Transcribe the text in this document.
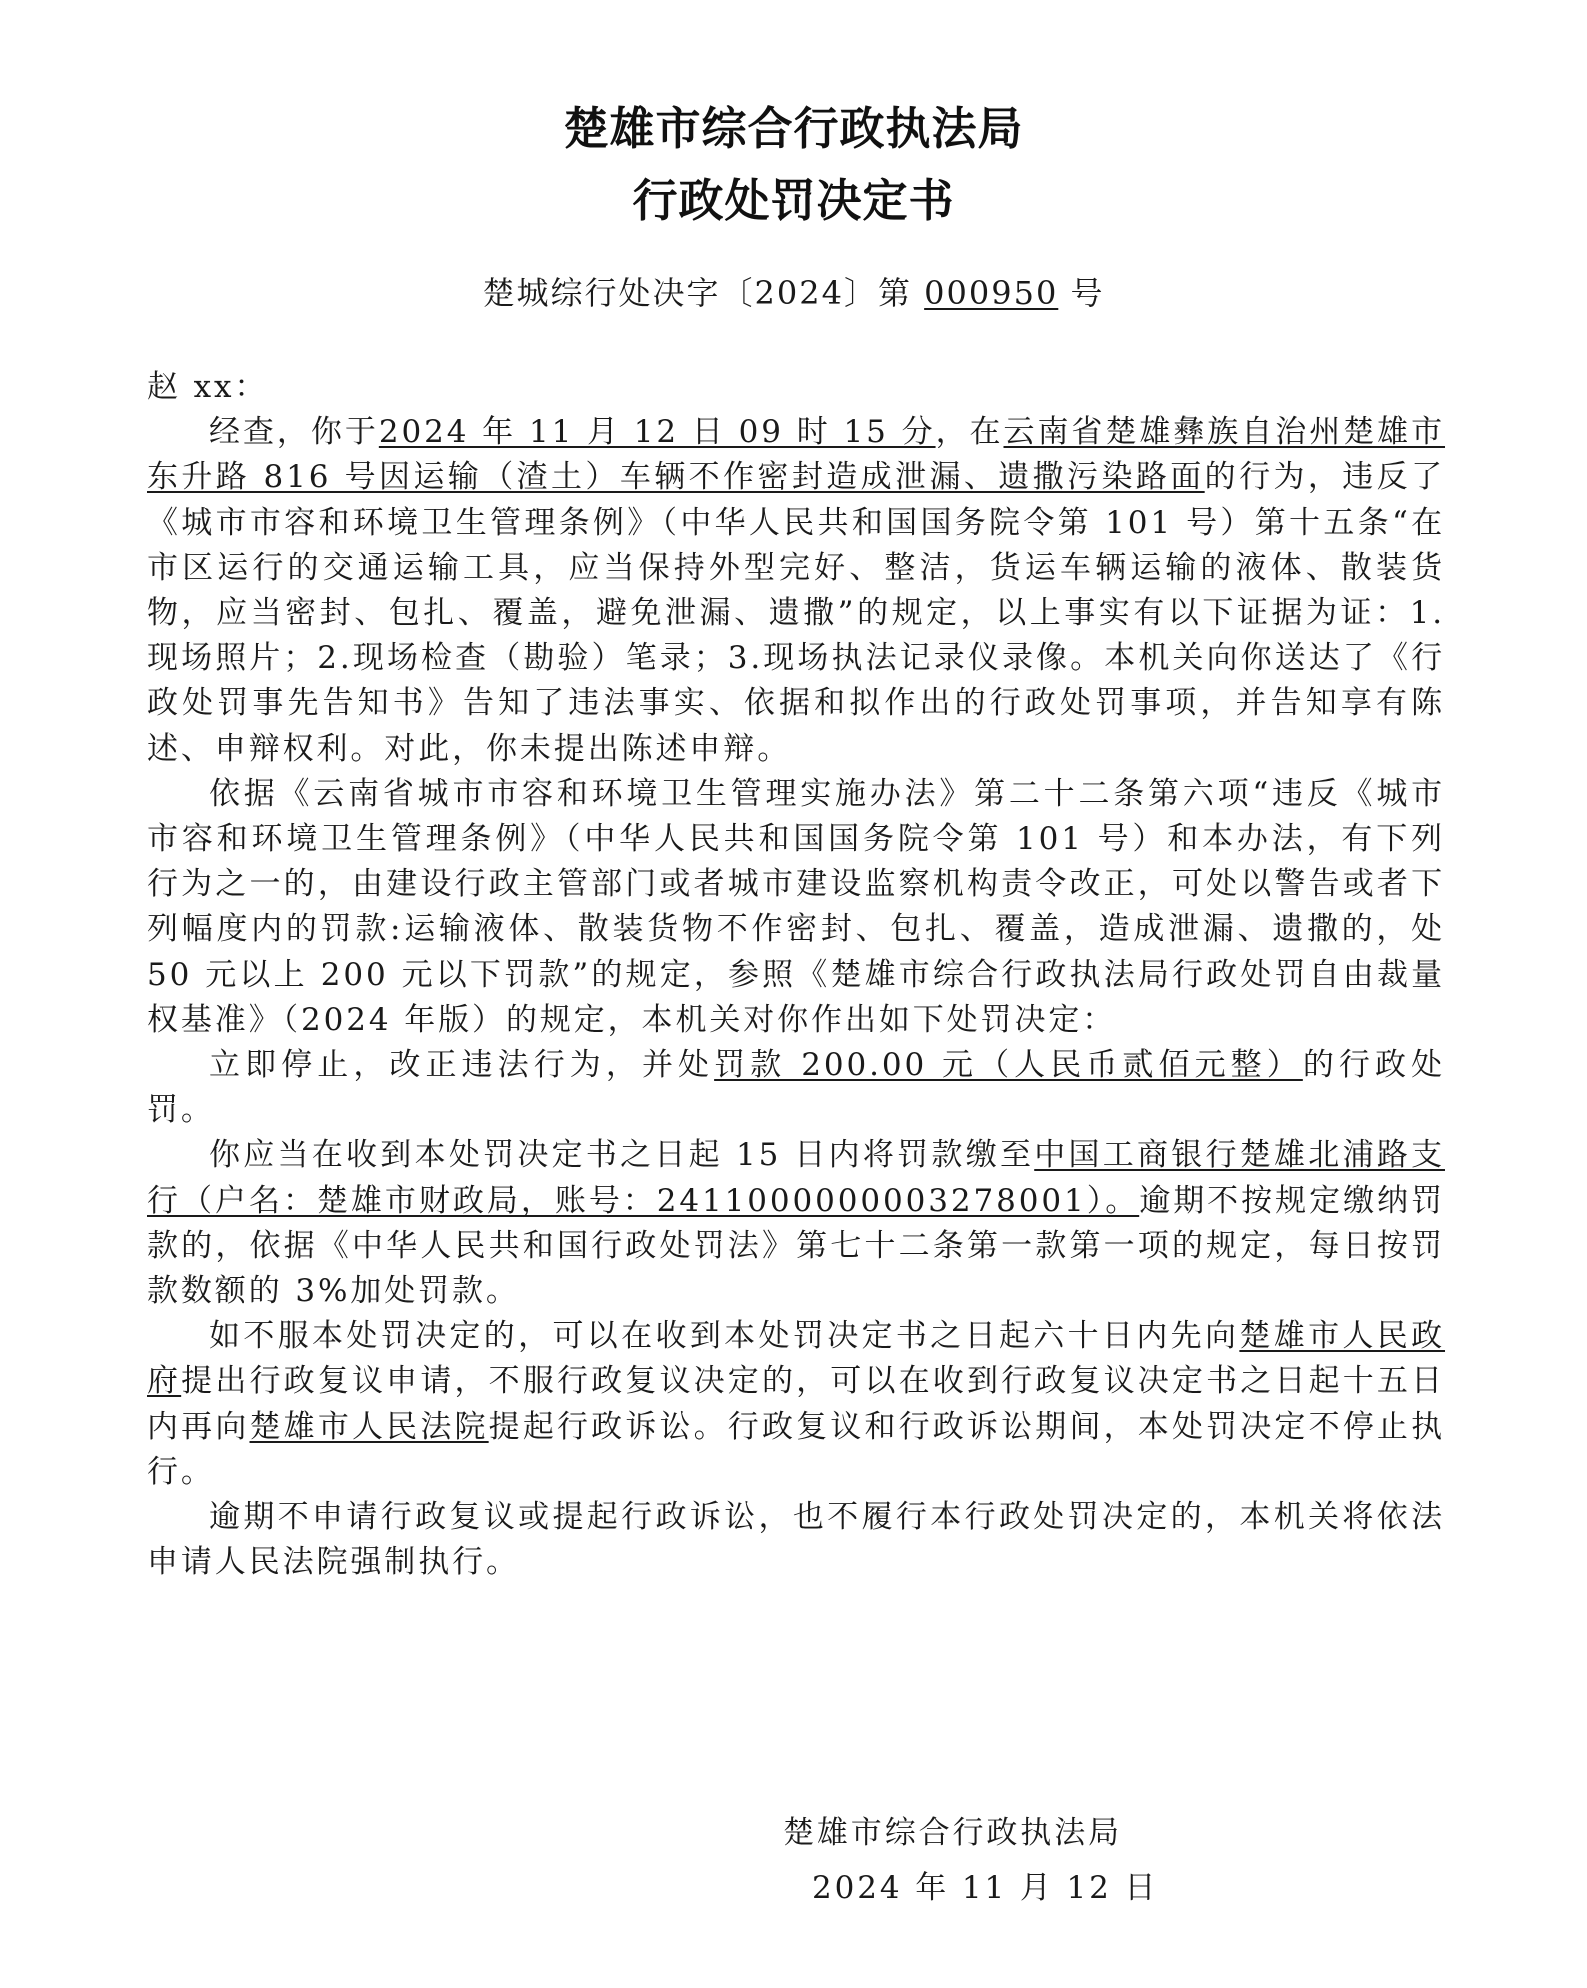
楚雄市综合行政执法局
行政处罚决定书
楚城综行处决字〔2024〕第 000950 号

赵 xx：

经查，你于2024 年 11 月 12 日 09 时 15 分，在云南省楚雄彝族自治州楚雄市东升路 816 号因运输（渣土）车辆不作密封造成泄漏、遗撒污染路面的行为，违反了《城市市容和环境卫生管理条例》（中华人民共和国国务院令第 101 号）第十五条“在市区运行的交通运输工具，应当保持外型完好、整洁，货运车辆运输的液体、散装货物，应当密封、包扎、覆盖，避免泄漏、遗撒”的规定，以上事实有以下证据为证：1.现场照片；2.现场检查（勘验）笔录；3.现场执法记录仪录像。本机关向你送达了《行政处罚事先告知书》告知了违法事实、依据和拟作出的行政处罚事项，并告知享有陈述、申辩权利。对此，你未提出陈述申辩。

依据《云南省城市市容和环境卫生管理实施办法》第二十二条第六项“违反《城市市容和环境卫生管理条例》（中华人民共和国国务院令第 101 号）和本办法，有下列行为之一的，由建设行政主管部门或者城市建设监察机构责令改正，可处以警告或者下列幅度内的罚款:运输液体、散装货物不作密封、包扎、覆盖，造成泄漏、遗撒的，处 50 元以上 200 元以下罚款”的规定，参照《楚雄市综合行政执法局行政处罚自由裁量权基准》（2024 年版）的规定，本机关对你作出如下处罚决定：

立即停止，改正违法行为，并处罚款 200.00 元（人民币贰佰元整）的行政处罚。

你应当在收到本处罚决定书之日起 15 日内将罚款缴至中国工商银行楚雄北浦路支行（户名：楚雄市财政局，账号：2411000000003278001）。逾期不按规定缴纳罚款的，依据《中华人民共和国行政处罚法》第七十二条第一款第一项的规定，每日按罚款数额的 3%加处罚款。

如不服本处罚决定的，可以在收到本处罚决定书之日起六十日内先向楚雄市人民政府提出行政复议申请，不服行政复议决定的，可以在收到行政复议决定书之日起十五日内再向楚雄市人民法院提起行政诉讼。行政复议和行政诉讼期间，本处罚决定不停止执行。

逾期不申请行政复议或提起行政诉讼，也不履行本行政处罚决定的，本机关将依法申请人民法院强制执行。

楚雄市综合行政执法局
2024 年 11 月 12 日
